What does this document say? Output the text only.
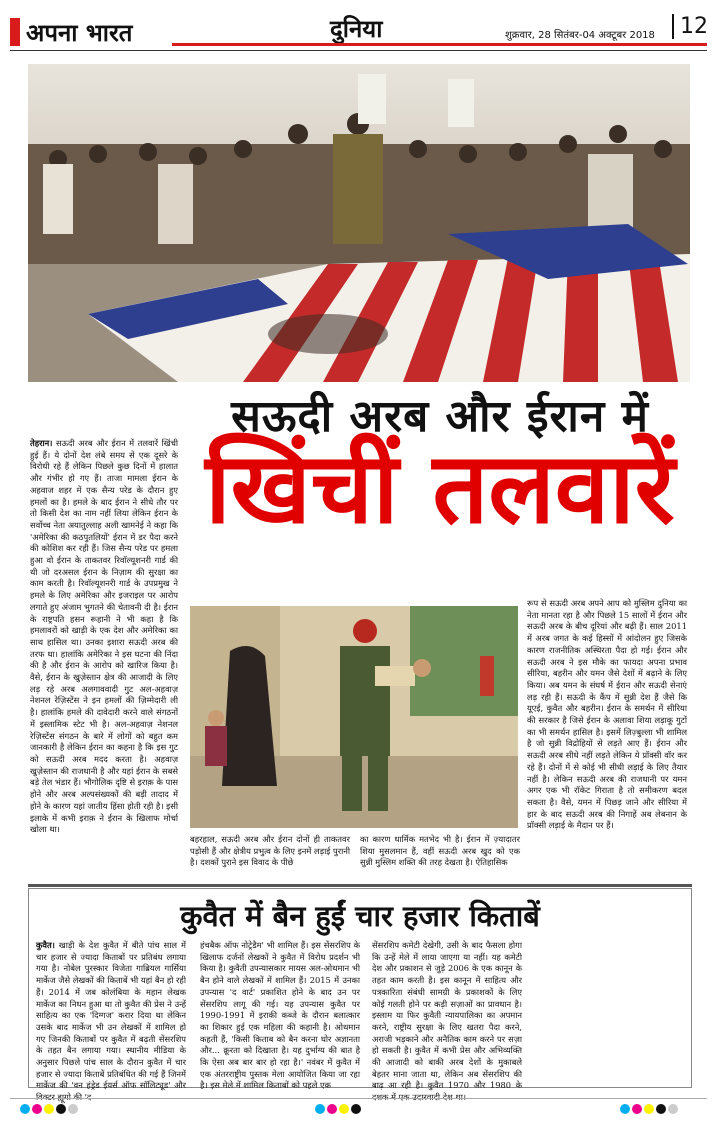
अपना भारत	दुनिया	शुक्रवार, 28 सितंबर-04 अक्टूबर 2018	12
सऊदी अरब और ईरान में
खिंचीं तलवारें

तेहरान। सऊदी अरब और ईरान में तलवारें खिंची हुई हैं। ये दोनों देश लंबे समय से एक दूसरे के विरोधी रहे हैं लेकिन पिछले कुछ दिनों में हालात और गंभीर हो गए हैं। ताजा मामला ईरान के अहवाज शहर में एक सैन्य परेड के दौरान हुए हमलों का है। हमले के बाद ईरान ने सीधे तौर पर तो किसी देश का नाम नहीं लिया लेकिन ईरान के सर्वोच्च नेता अयातुल्लाह अली खामनेई ने कहा कि 'अमेरिका की कठपुतलियों' ईरान में डर पैदा करने की कोशिश कर रही हैं। जिस सैन्य परेड पर हमला हुआ वो ईरान के ताकतवर रिवॉल्यूशनरी गार्ड की थी जो दरअसल ईरान के निज़ाम की सुरक्षा का काम करती है। रिवॉल्यूशनरी गार्ड के उपप्रमुख ने हमले के लिए अमेरिका और इजराइल पर आरोप लगाते हुए अंजाम भुगतने की चेतावनी दी है। ईरान के राष्ट्रपति हसन रूहानी ने भी कहा है कि हमलावरों को खाड़ी के एक देश और अमेरिका का साथ हासिल था। उनका इशारा सऊदी अरब की तरफ था। हालांकि अमेरिका ने इस घटना की निंदा की है और ईरान के आरोप को खारिज किया है। वैसे, ईरान के खुज़ेस्तान क्षेत्र की आजादी के लिए लड़ रहे अरब अलगाववादी गुट अल-अहवाज़ नेशनल रेज़िस्टेंस ने इन हमलों की ज़िम्मेदारी ली है। हालांकि हमले की दावेदारी करने वाले संगठनों में इस्लामिक स्टेट भी है। अल-अहवाज़ नेशनल रेज़िस्टेंस संगठन के बारे में लोगों को बहुत कम जानकारी है लेकिन ईरान का कहना है कि इस गुट को सऊदी अरब मदद करता है। अहवाज़ खुज़ेस्तान की राजधानी है और यहां ईरान के सबसे बड़े तेल भंडार हैं। भौगोलिक दृष्टि से इराक़ के पास होने और अरब अल्पसंख्यकों की बड़ी तादाद में होने के कारण यहां जातीय हिंसा होती रही है। इसी इलाके में कभी इराक़ ने ईरान के खिलाफ मोर्चा खोला था।

बहरहाल, सऊदी अरब और ईरान दोनों ही ताकतवर पड़ोसी हैं और क्षेत्रीय प्रभुत्व के लिए इनमें लड़ाई पुरानी है। दशकों पुराने इस विवाद के पीछे

का कारण धार्मिक मतभेद भी है। ईरान में ज़्यादातर शिया मुसलमान हैं, वहीं सऊदी अरब खुद को एक सुन्नी मुस्लिम शक्ति की तरह देखता है। ऐतिहासिक

रूप से सऊदी अरब अपने आप को मुस्लिम दुनिया का नेता मानता रहा है और पिछले 15 सालों में ईरान और सऊदी अरब के बीच दूरियां और बढ़ी हैं। साल 2011 में अरब जगत के कई हिस्सों में आंदोलन हुए जिसके कारण राजनीतिक अस्थिरता पैदा हो गई। ईरान और सऊदी अरब ने इस मौके का फायदा अपना प्रभाव सीरिया, बहरीन और यमन जैसे देशों में बढ़ाने के लिए किया। अब यमन के संघर्ष में ईरान और सऊदी सेनाएं लड़ रही हैं। सऊदी के कैंप में सुन्नी देश हैं जैसे कि यूएई, कुवैत और बहरीन। ईरान के समर्थन में सीरिया की सरकार है जिसे ईरान के अलावा शिया लड़ाकू गुटों का भी समर्थन हासिल है। इसमें लिज़्बुल्ला भी शामिल है जो सुन्नी विद्रोहियों से लड़ते आए हैं। ईरान और सऊदी अरब सीधे नहीं लड़ते लेकिन ये प्रॉक्सी वॉर कर रहे हैं। दोनों में से कोई भी सीधी लड़ाई के लिए तैयार नहीं है। लेकिन सऊदी अरब की राजधानी पर यमन अगर एक भी रॉकेट गिराता है तो समीकरण बदल सकता है। वैसे, यमन में पिछड़ जाने और सीरिया में हार के बाद सऊदी अरब की निगाहें अब लेबनान के प्रॉक्सी लड़ाई के मैदान पर हैं।

कुवैत में बैन हुईं चार हजार किताबें

कुवैत। खाड़ी के देश कुवैत में बीते पांच साल में चार हजार से ज्यादा किताबों पर प्रतिबंध लगाया गया है। नोबेल पुरस्कार विजेता गाब्रियल गार्सिया मार्केज जैसे लेखकों की किताबें भी यहां बैन हो रही हैं। 2014 में जब कोलंबिया के महान लेखक मार्केज का निधन हुआ था तो कुवैत की प्रेस ने उन्हें साहित्य का एक 'दिग्गज' करार दिया था लेकिन उसके बाद मार्केज भी उन लेखकों में शामिल हो गए जिनकी किताबों पर कुवैत में बढ़ती सेंसरशिप के तहत बैन लगाया गया। स्थानीय मीडिया के अनुसार पिछले पांच साल के दौरान कुवैत में चार हजार से ज्यादा किताबें प्रतिबंधित की गई हैं जिनमें मार्केज की 'वन हंड्रेड ईयर्स ऑफ सॉलिट्यूड' और

हंचबैक ऑफ नोट्रेडैम' भी शामिल हैं। इस सेंसरशिप के खिलाफ दर्जनों लेखकों ने कुवैत में विरोध प्रदर्शन भी किया है। कुवैती उपन्यासकार मायस अल-ओथमान भी बैन होने वाले लेखकों में शामिल हैं। 2015 में उनका उपन्यास 'द वार्ट' प्रकाशित होने के बाद उन पर सेंसरशिप लागू की गई। यह उपन्यास कुवैत पर 1990-1991 में इराकी कब्जे के दौरान बलात्कार का शिकार हुई एक महिला की कहानी है। ओथमान कहती हैं, 'किसी किताब को बैन करना घोर अज्ञानता और... क्रूरता को दिखाता है। यह दुर्भाग्य की बात है कि ऐसा अब बार बार हो रहा है।' नवंबर में कुवैत में एक अंतरराष्ट्रीय पुस्तक मेला आयोजित किया जा रहा है। इस मेले में शामिल किताबों को पहले एक

सेंसरशिप कमेटी देखेगी, उसी के बाद फैसला होगा कि उन्हें मेले में लाया जाएगा या नहीं। यह कमेटी देश और प्रकाशन से जुड़े 2006 के एक कानून के तहत काम करती है। इस कानून में साहित्य और पत्रकारिता संबंधी सामग्री के प्रकाशकों के लिए कोई गलती होने पर कड़ी सज़ाओं का प्रावधान है। इस्लाम या फिर कुवैती न्यायपालिका का अपमान करने, राष्ट्रीय सुरक्षा के लिए खतरा पैदा करने, अराजी भड़काने और अनैतिक काम करने पर सज़ा हो सकती है। कुवैत में कभी प्रेस और अभिव्यक्ति की आजादी को बाकी अरब देशों के मुकाबले बेहतर माना जाता था, लेकिन अब सेंसरशिप की बाढ़ आ रही है। कुवैत 1970 और 1980 के
